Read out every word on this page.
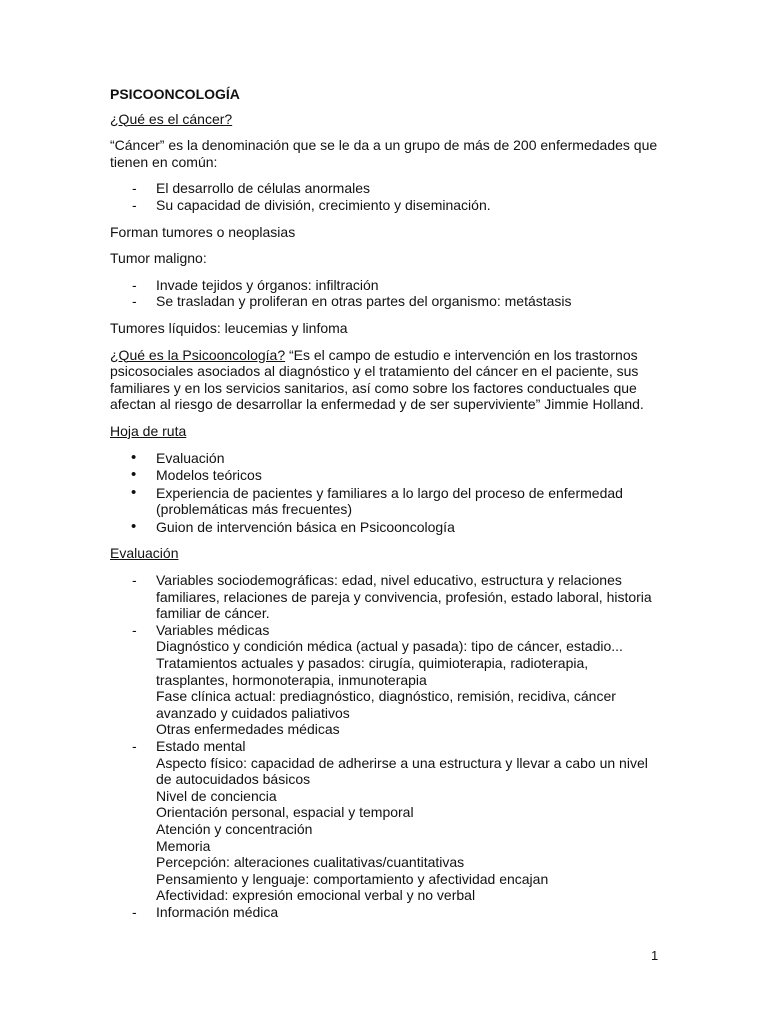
PSICOONCOLOGÍA

¿Qué es el cáncer?

“Cáncer” es la denominación que se le da a un grupo de más de 200 enfermedades que tienen en común:

-	El desarrollo de células anormales
-	Su capacidad de división, crecimiento y diseminación.

Forman tumores o neoplasias

Tumor maligno:

-	Invade tejidos y órganos: infiltración
-	Se trasladan y proliferan en otras partes del organismo: metástasis

Tumores líquidos: leucemias y linfoma

¿Qué es la Psicooncología? “Es el campo de estudio e intervención en los trastornos psicosociales asociados al diagnóstico y el tratamiento del cáncer en el paciente, sus familiares y en los servicios sanitarios, así como sobre los factores conductuales que afectan al riesgo de desarrollar la enfermedad y de ser superviviente” Jimmie Holland.

Hoja de ruta

•	Evaluación
•	Modelos teóricos
•	Experiencia de pacientes y familiares a lo largo del proceso de enfermedad (problemáticas más frecuentes)
•	Guion de intervención básica en Psicooncología

Evaluación

-	Variables sociodemográficas: edad, nivel educativo, estructura y relaciones familiares, relaciones de pareja y convivencia, profesión, estado laboral, historia familiar de cáncer.
-	Variables médicas
Diagnóstico y condición médica (actual y pasada): tipo de cáncer, estadio...
Tratamientos actuales y pasados: cirugía, quimioterapia, radioterapia, trasplantes, hormonoterapia, inmunoterapia
Fase clínica actual: prediagnóstico, diagnóstico, remisión, recidiva, cáncer avanzado y cuidados paliativos
Otras enfermedades médicas
-	Estado mental
Aspecto físico: capacidad de adherirse a una estructura y llevar a cabo un nivel de autocuidados básicos
Nivel de conciencia
Orientación personal, espacial y temporal
Atención y concentración
Memoria
Percepción: alteraciones cualitativas/cuantitativas
Pensamiento y lenguaje: comportamiento y afectividad encajan
Afectividad: expresión emocional verbal y no verbal
-	Información médica
1
